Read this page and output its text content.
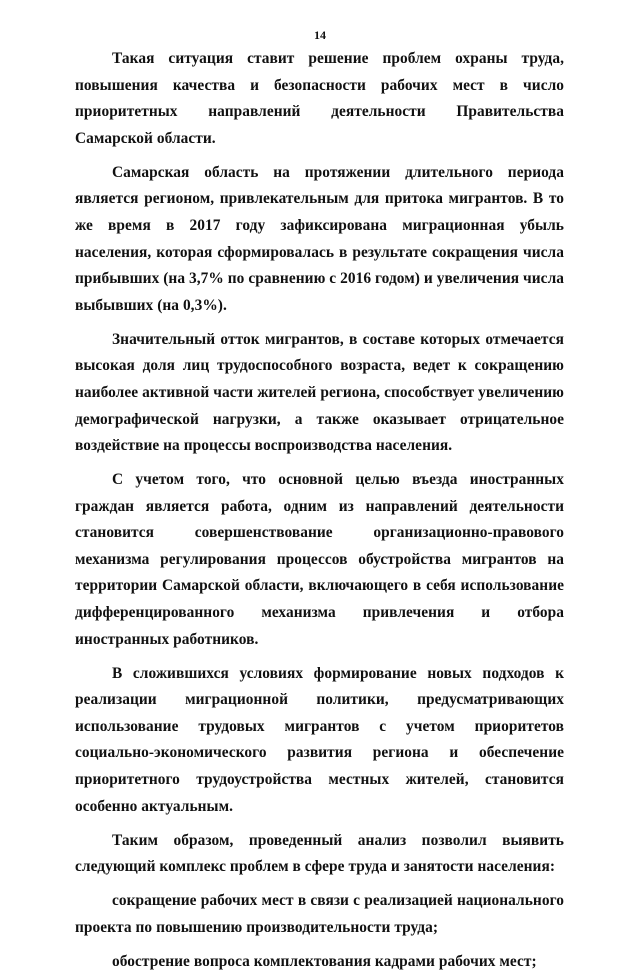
14

Такая ситуация ставит решение проблем охраны труда, повышения качества и безопасности рабочих мест в число приоритетных направлений деятельности Правительства Самарской области.

Самарская область на протяжении длительного периода является регионом, привлекательным для притока мигрантов. В то же время в 2017 году зафиксирована миграционная убыль населения, которая сформировалась в результате сокращения числа прибывших (на 3,7% по сравнению с 2016 годом) и увеличения числа выбывших (на 0,3%).

Значительный отток мигрантов, в составе которых отмечается высокая доля лиц трудоспособного возраста, ведет к сокращению наиболее активной части жителей региона, способствует увеличению демографической нагрузки, а также оказывает отрицательное воздействие на процессы воспроизводства населения.

С учетом того, что основной целью въезда иностранных граждан является работа, одним из направлений деятельности становится совершенствование организационно-правового механизма регулирования процессов обустройства мигрантов на территории Самарской области, включающего в себя использование дифференцированного механизма привлечения и отбора иностранных работников.

В сложившихся условиях формирование новых подходов к реализации миграционной политики, предусматривающих использование трудовых мигрантов с учетом приоритетов социально-экономического развития региона и обеспечение приоритетного трудоустройства местных жителей, становится особенно актуальным.

Таким образом, проведенный анализ позволил выявить следующий комплекс проблем в сфере труда и занятости населения:

сокращение рабочих мест в связи с реализацией национального проекта по повышению производительности труда;

обострение вопроса комплектования кадрами рабочих мест;
